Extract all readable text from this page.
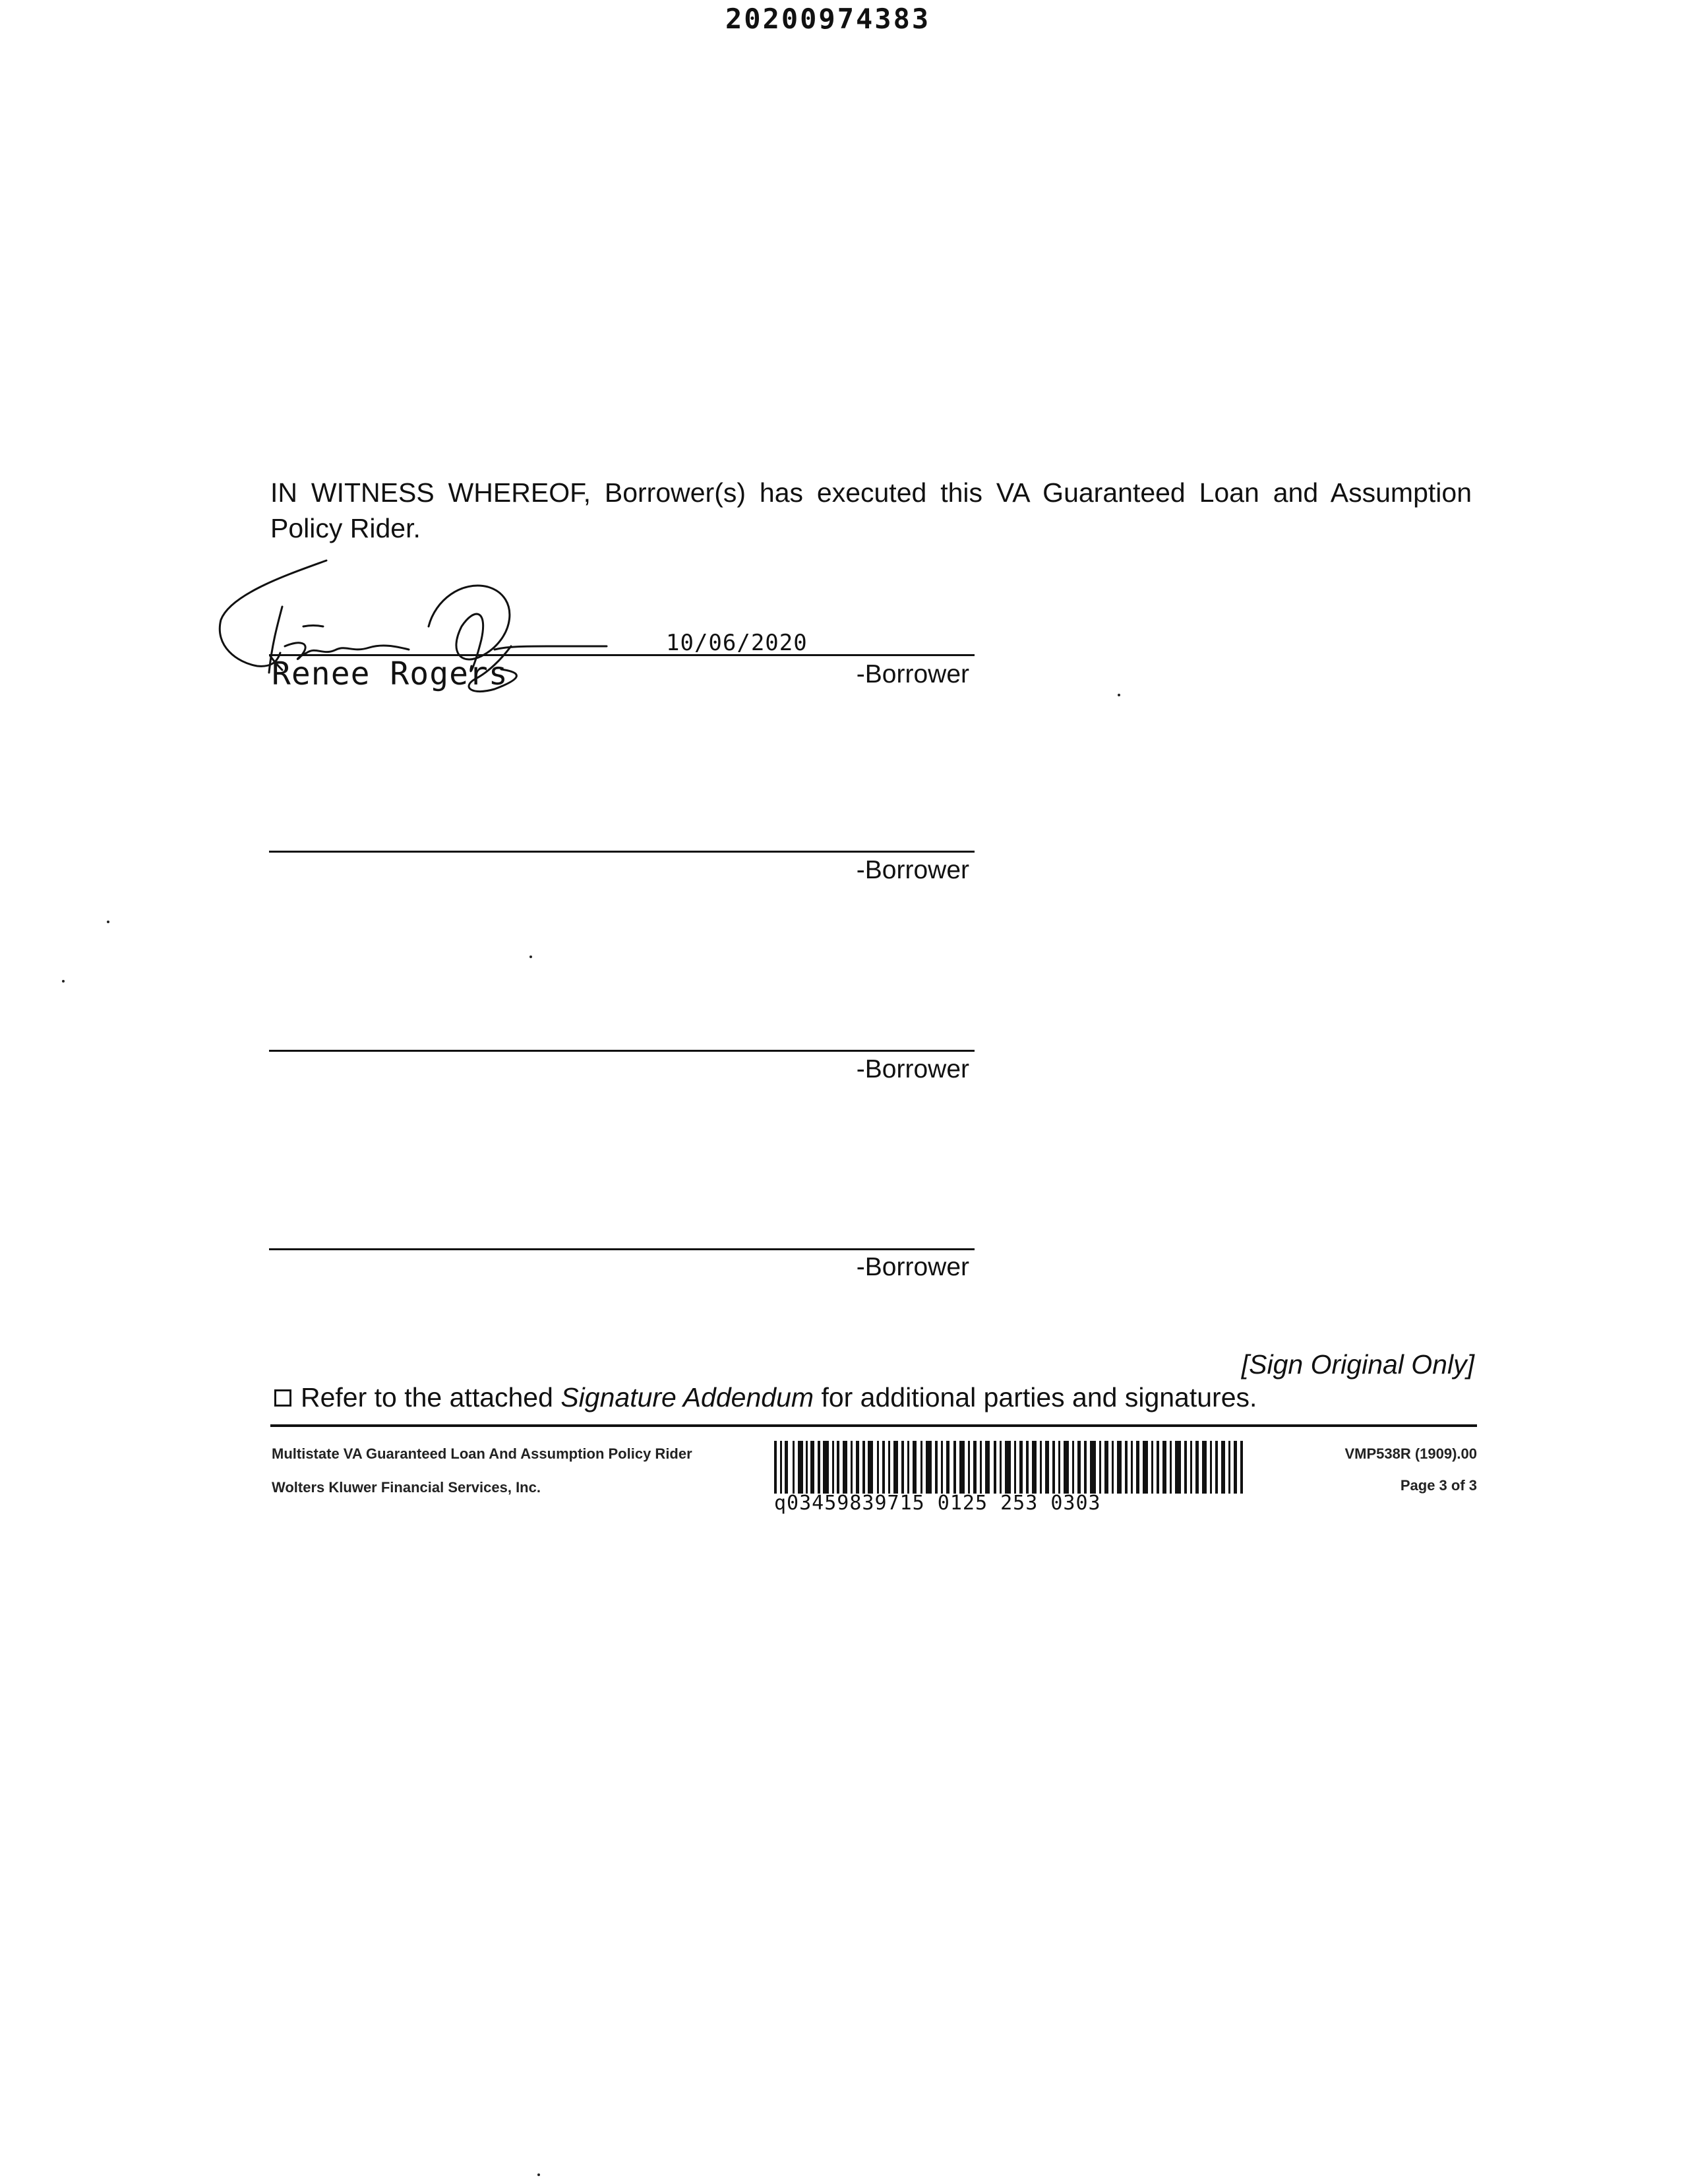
20200974383
IN WITNESS WHEREOF, Borrower(s) has executed this VA Guaranteed Loan and Assumption Policy Rider.
10/06/2020
Renee Rogers	-Borrower
-Borrower
-Borrower
-Borrower
[Sign Original Only]
Refer to the attached
Signature Addendum
for additional parties and signatures.
Multistate VA Guaranteed Loan And Assumption Policy Rider
Wolters Kluwer Financial Services, Inc.
q03459839715 0125 253 0303
VMP538R (1909).00
Page 3 of 3
